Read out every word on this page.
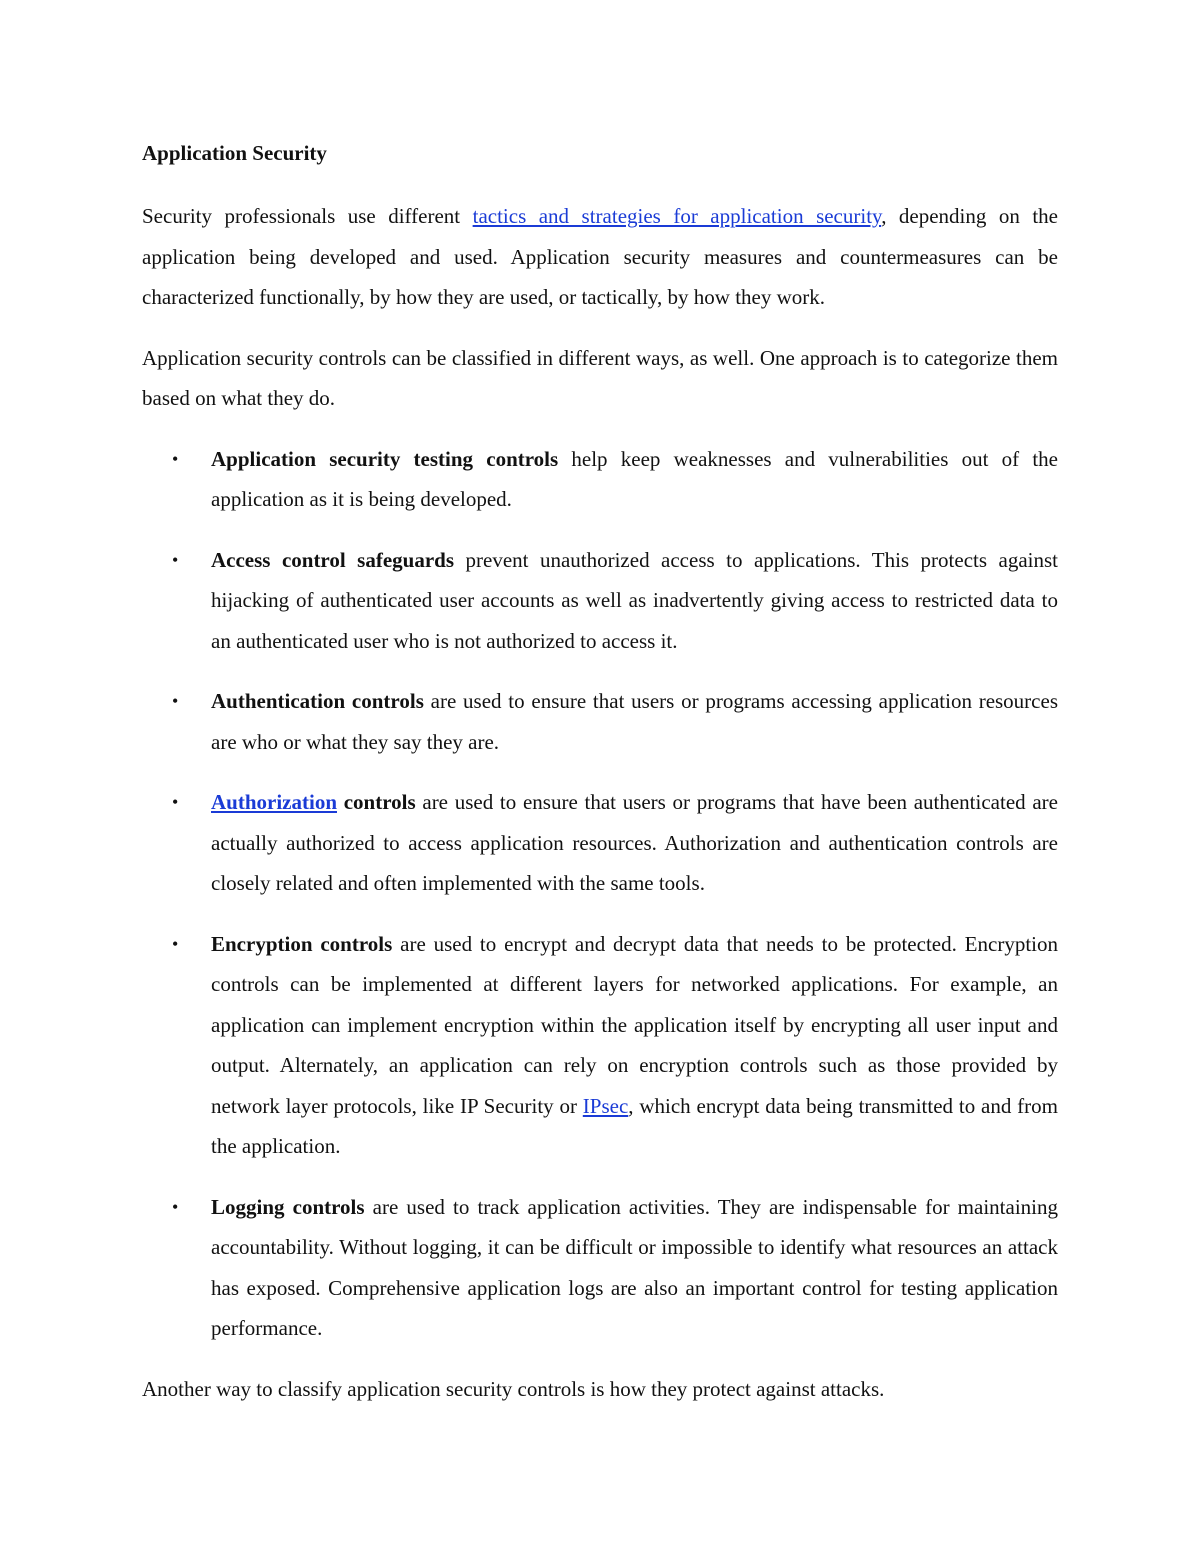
Application Security

Security professionals use different tactics and strategies for application security, depending on the application being developed and used. Application security measures and countermeasures can be characterized functionally, by how they are used, or tactically, by how they work.

Application security controls can be classified in different ways, as well. One approach is to categorize them based on what they do.

• Application security testing controls help keep weaknesses and vulnerabilities out of the application as it is being developed.
• Access control safeguards prevent unauthorized access to applications. This protects against hijacking of authenticated user accounts as well as inadvertently giving access to restricted data to an authenticated user who is not authorized to access it.
• Authentication controls are used to ensure that users or programs accessing application resources are who or what they say they are.
• Authorization controls are used to ensure that users or programs that have been authenticated are actually authorized to access application resources. Authorization and authentication controls are closely related and often implemented with the same tools.
• Encryption controls are used to encrypt and decrypt data that needs to be protected. Encryption controls can be implemented at different layers for networked applications. For example, an application can implement encryption within the application itself by encrypting all user input and output. Alternately, an application can rely on encryption controls such as those provided by network layer protocols, like IP Security or IPsec, which encrypt data being transmitted to and from the application.
• Logging controls are used to track application activities. They are indispensable for maintaining accountability. Without logging, it can be difficult or impossible to identify what resources an attack has exposed. Comprehensive application logs are also an important control for testing application performance.

Another way to classify application security controls is how they protect against attacks.
